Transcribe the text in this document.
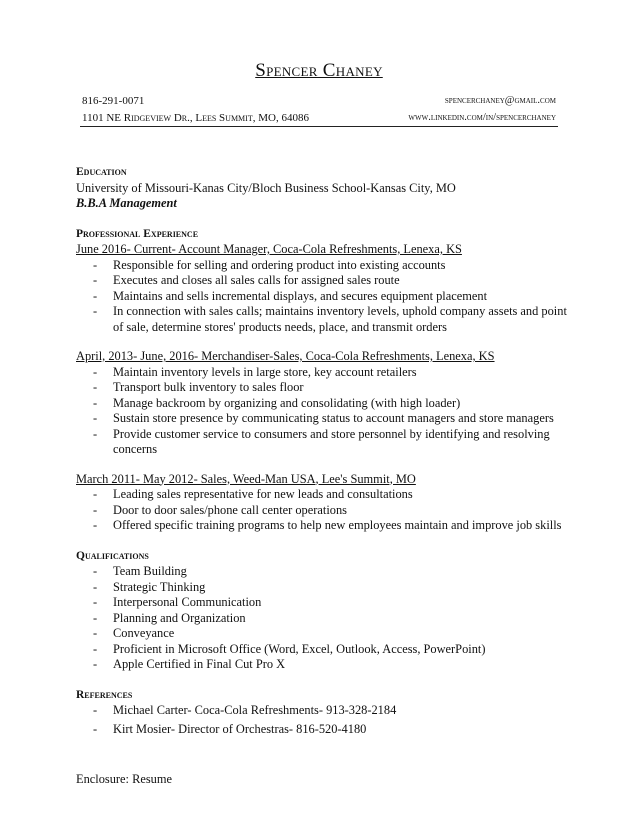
Spencer Chaney
816-291-0071	spencerchaney@gmail.com
1101 NE Ridgeview Dr., Lees Summit, MO, 64086	www.linkedin.com/in/spencerchaney
Education
University of Missouri-Kanas City/Bloch Business School-Kansas City, MO
B.B.A Management
Professional Experience
June 2016- Current- Account Manager, Coca-Cola Refreshments, Lenexa, KS
- Responsible for selling and ordering product into existing accounts
- Executes and closes all sales calls for assigned sales route
- Maintains and sells incremental displays, and secures equipment placement
- In connection with sales calls; maintains inventory levels, uphold company assets and point of sale, determine stores' products needs, place, and transmit orders
April, 2013- June, 2016- Merchandiser-Sales, Coca-Cola Refreshments, Lenexa, KS
- Maintain inventory levels in large store, key account retailers
- Transport bulk inventory to sales floor
- Manage backroom by organizing and consolidating (with high loader)
- Sustain store presence by communicating status to account managers and store managers
- Provide customer service to consumers and store personnel by identifying and resolving concerns
March 2011- May 2012- Sales, Weed-Man USA, Lee's Summit, MO
- Leading sales representative for new leads and consultations
- Door to door sales/phone call center operations
- Offered specific training programs to help new employees maintain and improve job skills
Qualifications
- Team Building
- Strategic Thinking
- Interpersonal Communication
- Planning and Organization
- Conveyance
- Proficient in Microsoft Office (Word, Excel, Outlook, Access, PowerPoint)
- Apple Certified in Final Cut Pro X
References
- Michael Carter- Coca-Cola Refreshments- 913-328-2184
- Kirt Mosier- Director of Orchestras- 816-520-4180
Enclosure: Resume
